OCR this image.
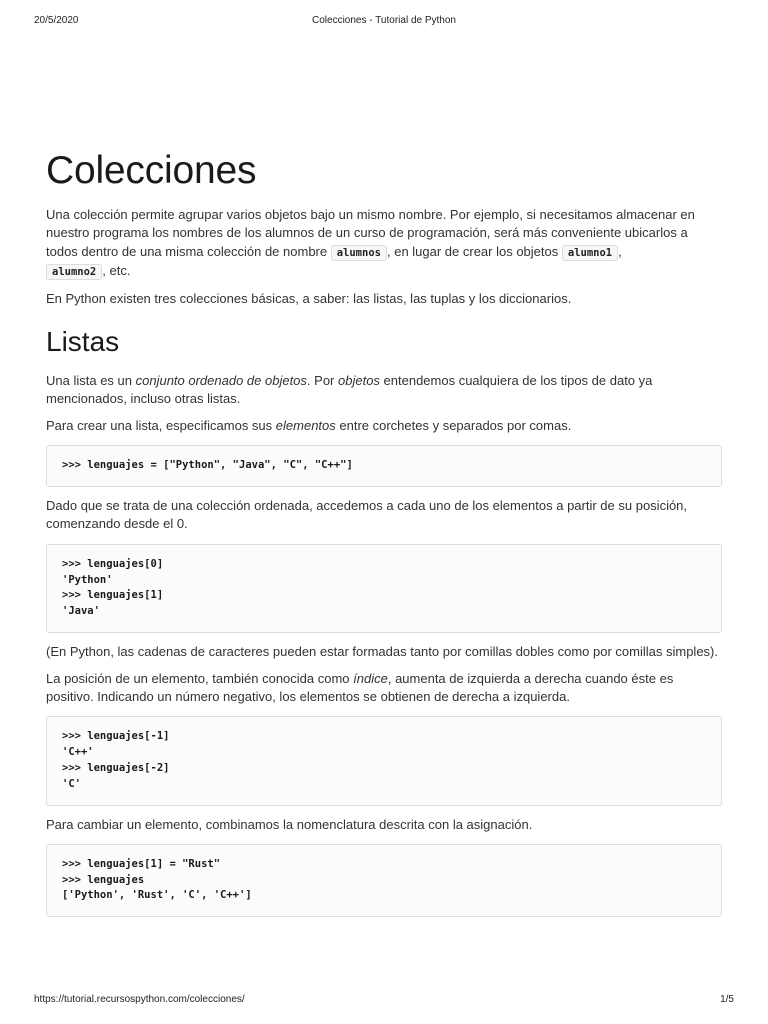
20/5/2020	Colecciones - Tutorial de Python
Colecciones

Una colección permite agrupar varios objetos bajo un mismo nombre. Por ejemplo, si necesitamos almacenar en nuestro programa los nombres de los alumnos de un curso de programación, será más conveniente ubicarlos a todos dentro de una misma colección de nombre alumnos , en lugar de crear los objetos alumno1 ,
alumno2 , etc.

En Python existen tres colecciones básicas, a saber: las listas, las tuplas y los diccionarios.

Listas

Una lista es un conjunto ordenado de objetos. Por objetos entendemos cualquiera de los tipos de dato ya mencionados, incluso otras listas.

Para crear una lista, especificamos sus elementos entre corchetes y separados por comas.

>>> lenguajes = ["Python", "Java", "C", "C++"]

Dado que se trata de una colección ordenada, accedemos a cada uno de los elementos a partir de su posición, comenzando desde el 0.

>>> lenguajes[0]
'Python'
>>> lenguajes[1]
'Java'

(En Python, las cadenas de caracteres pueden estar formadas tanto por comillas dobles como por comillas simples).

La posición de un elemento, también conocida como índice, aumenta de izquierda a derecha cuando éste es positivo. Indicando un número negativo, los elementos se obtienen de derecha a izquierda.

>>> lenguajes[-1]
'C++'
>>> lenguajes[-2]
'C'

Para cambiar un elemento, combinamos la nomenclatura descrita con la asignación.

>>> lenguajes[1] = "Rust"
>>> lenguajes
['Python', 'Rust', 'C', 'C++']
https://tutorial.recursospython.com/colecciones/	1/5
